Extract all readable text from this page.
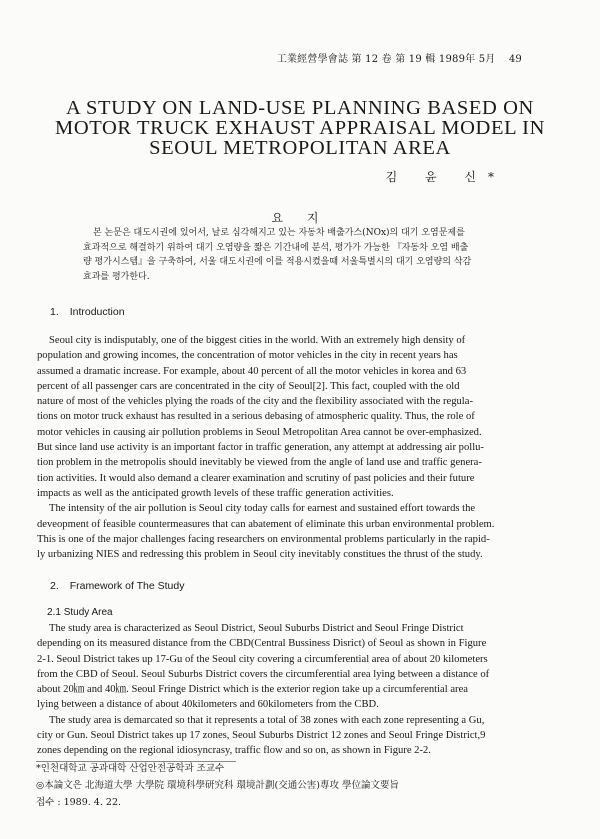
工業經營學會誌 第 12 卷 第 19 輯 1989年 5月 49
A STUDY ON LAND-USE PLANNING BASED ON
MOTOR TRUCK EXHAUST APPRAISAL MODEL IN
SEOUL METROPOLITAN AREA
김 윤 신*
요 지
본 논문은 대도시권에 있어서, 날로 심각해지고 있는 자동차 배출가스(NOx)의 대기 오염문제를
효과적으로 해결하기 위하여 대기 오염량을 짧은 기간내에 분석, 평가가 가능한 『자동차 오염 배출
량 평가시스템』을 구축하여, 서울 대도시권에 이를 적용시켰을때 서울특별시의 대기 오염량의 삭감
효과를 평가한다.
1. Introduction
Seoul city is indisputably, one of the biggest cities in the world. With an extremely high density of
population and growing incomes, the concentration of motor vehicles in the city in recent years has
assumed a dramatic increase. For example, about 40 percent of all the motor vehicles in korea and 63
percent of all passenger cars are concentrated in the city of Seoul[2]. This fact, coupled with the old
nature of most of the vehicles plying the roads of the city and the flexibility associated with the regula-
tions on motor truck exhaust has resulted in a serious debasing of atmospheric quality. Thus, the role of
motor vehicles in causing air pollution problems in Seoul Metropolitan Area cannot be over-emphasized.
But since land use activity is an important factor in traffic generation, any attempt at addressing air pollu-
tion problem in the metropolis should inevitably be viewed from the angle of land use and traffic genera-
tion activities. It would also demand a clearer examination and scrutiny of past policies and their future
impacts as well as the anticipated growth levels of these traffic generation activities.
The intensity of the air pollution is Seoul city today calls for earnest and sustained effort towards the
deveopment of feasible countermeasures that can abatement of eliminate this urban environmental problem.
This is one of the major challenges facing researchers on environmental problems particularly in the rapid-
ly urbanizing NIES and redressing this problem in Seoul city inevitably constitues the thrust of the study.
2. Framework of The Study
2.1 Study Area
The study area is characterized as Seoul District, Seoul Suburbs District and Seoul Fringe District
depending on its measured distance from the CBD(Central Bussiness Disrict) of Seoul as shown in Figure
2-1. Seoul District takes up 17-Gu of the Seoul city covering a circumferential area of about 20 kilometers
from the CBD of Seoul. Seoul Suburbs District covers the circumferential area lying between a distance of
about 20㎞ and 40㎞. Seoul Fringe District which is the exterior region take up a circumferential area
lying between a distance of about 40kilometers and 60kilometers from the CBD.
The study area is demarcated so that it represents a total of 38 zones with each zone representing a Gu,
city or Gun. Seoul District takes up 17 zones, Seoul Suburbs District 12 zones and Seoul Fringe District,9
zones depending on the regional idiosyncrasy, traffic flow and so on, as shown in Figure 2-2.
*인천대학교 공과대학 산업안전공학과 조교수
◎本論文은 北海道大學 大學院 環境科學研究科 環境計劃(交通公害)專攻 學位論文要旨
접수 : 1989. 4. 22.
